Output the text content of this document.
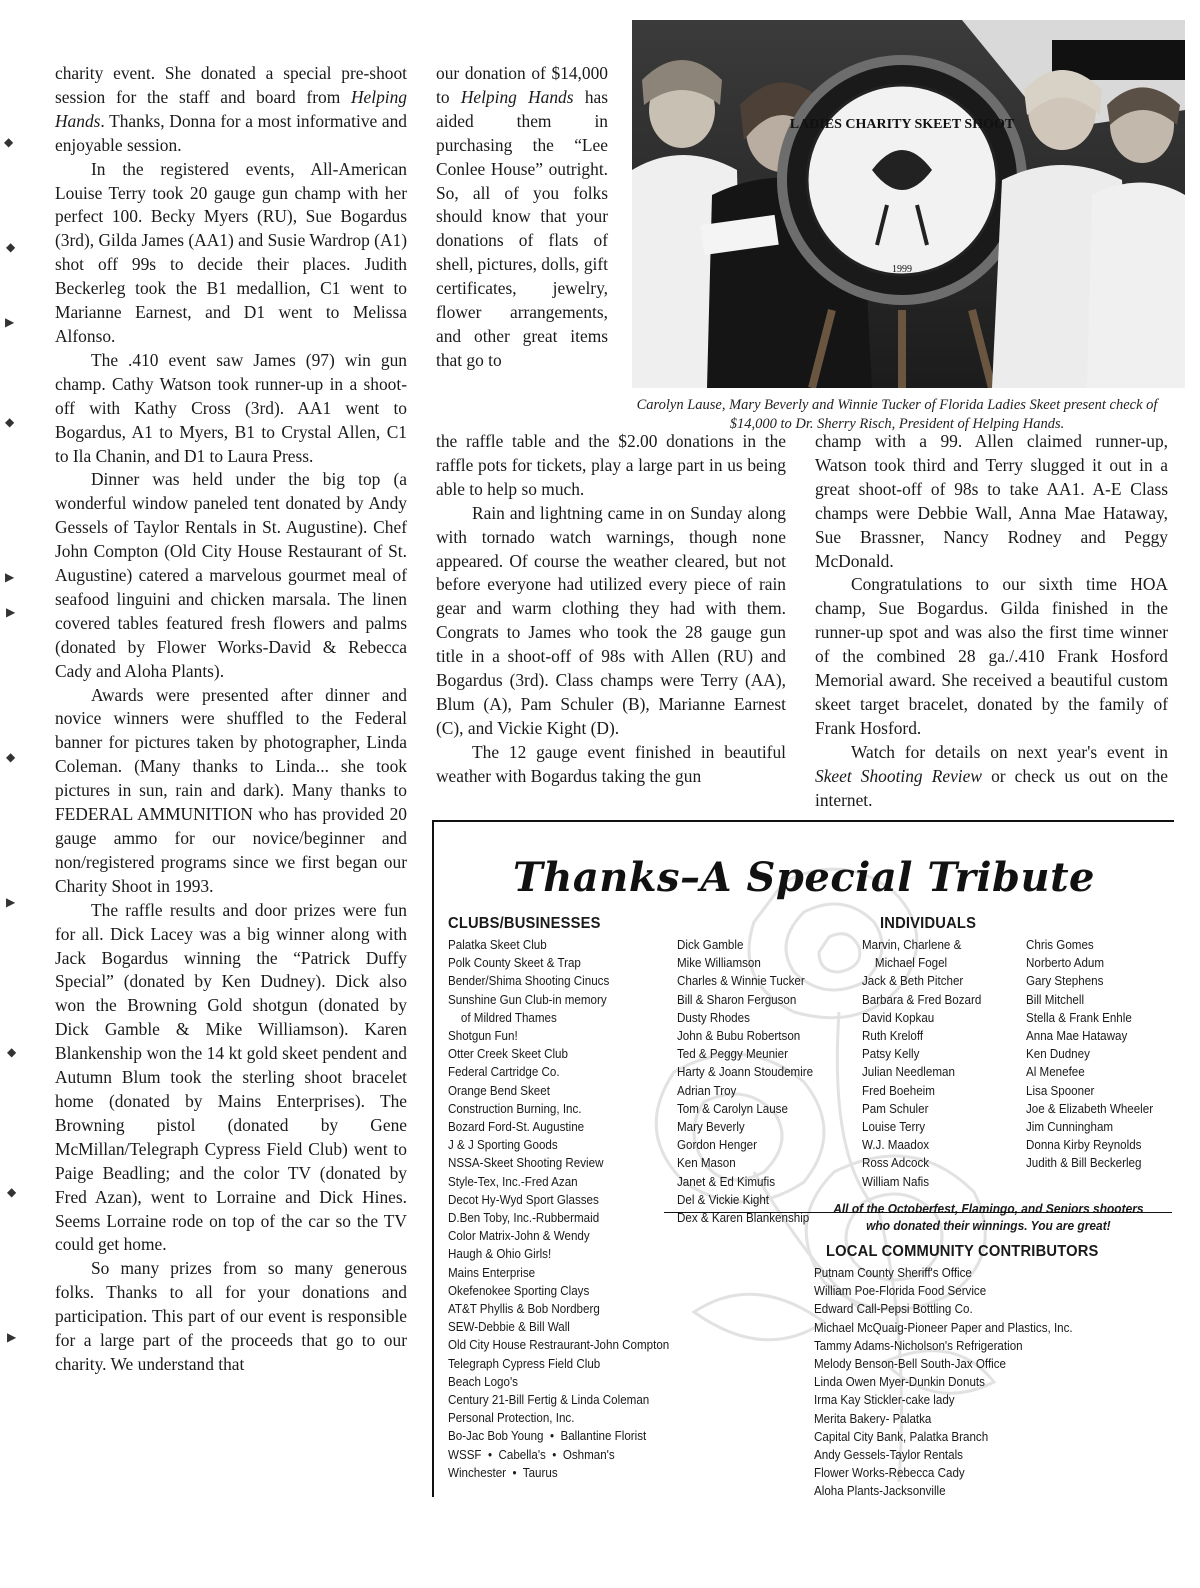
charity event. She donated a special pre-shoot session for the staff and board from Helping Hands. Thanks, Donna for a most informative and enjoyable session.

In the registered events, All-American Louise Terry took 20 gauge gun champ with her perfect 100. Becky Myers (RU), Sue Bogardus (3rd), Gilda James (AA1) and Susie Wardrop (A1) shot off 99s to decide their places. Judith Beckerleg took the B1 medallion, C1 went to Marianne Earnest, and D1 went to Melissa Alfonso.

The .410 event saw James (97) win gun champ. Cathy Watson took runner-up in a shoot-off with Kathy Cross (3rd). AA1 went to Bogardus, A1 to Myers, B1 to Crystal Allen, C1 to Ila Chanin, and D1 to Laura Press.

Dinner was held under the big top (a wonderful window paneled tent donated by Andy Gessels of Taylor Rentals in St. Augustine). Chef John Compton (Old City House Restaurant of St. Augustine) catered a marvelous gourmet meal of seafood linguini and chicken marsala. The linen covered tables featured fresh flowers and palms (donated by Flower Works-David & Rebecca Cady and Aloha Plants).

Awards were presented after dinner and novice winners were shuffled to the Federal banner for pictures taken by photographer, Linda Coleman. (Many thanks to Linda... she took pictures in sun, rain and dark). Many thanks to FEDERAL AMMUNITION who has provided 20 gauge ammo for our novice/beginner and non/registered programs since we first began our Charity Shoot in 1993.

The raffle results and door prizes were fun for all. Dick Lacey was a big winner along with Jack Bogardus winning the “Patrick Duffy Special” (donated by Ken Dudney). Dick also won the Browning Gold shotgun (donated by Dick Gamble & Mike Williamson). Karen Blankenship won the 14 kt gold skeet pendent and Autumn Blum took the sterling shoot bracelet home (donated by Mains Enterprises). The Browning pistol (donated by Gene McMillan/Telegraph Cypress Field Club) went to Paige Beadling; and the color TV (donated by Fred Azan), went to Lorraine and Dick Hines. Seems Lorraine rode on top of the car so the TV could get home.

So many prizes from so many generous folks. Thanks to all for your donations and participation. This part of our event is responsible for a large part of the proceeds that go to our charity. We understand that

our donation of $14,000 to Helping Hands has aided them in purchasing the “Lee Conlee House” outright. So, all of you folks should know that your donations of flats of shell, pictures, dolls, gift certificates, jewelry, flower arrangements, and other great items that go to

LADIES CHARITY SKEET SHOOT
1999
Carolyn Lause, Mary Beverly and Winnie Tucker of Florida Ladies Skeet present check of $14,000 to Dr. Sherry Risch, President of Helping Hands.

the raffle table and the $2.00 donations in the raffle pots for tickets, play a large part in us being able to help so much.

Rain and lightning came in on Sunday along with tornado watch warnings, though none appeared. Of course the weather cleared, but not before everyone had utilized every piece of rain gear and warm clothing they had with them. Congrats to James who took the 28 gauge gun title in a shoot-off of 98s with Allen (RU) and Bogardus (3rd). Class champs were Terry (AA), Blum (A), Pam Schuler (B), Marianne Earnest (C), and Vickie Kight (D).

The 12 gauge event finished in beautiful weather with Bogardus taking the gun

champ with a 99. Allen claimed runner-up, Watson took third and Terry slugged it out in a great shoot-off of 98s to take AA1. A-E Class champs were Debbie Wall, Anna Mae Hataway, Sue Brassner, Nancy Rodney and Peggy McDonald.

Congratulations to our sixth time HOA champ, Sue Bogardus. Gilda finished in the runner-up spot and was also the first time winner of the combined 28 ga./.410 Frank Hosford Memorial award. She received a beautiful custom skeet target bracelet, donated by the family of Frank Hosford.

Watch for details on next year's event in Skeet Shooting Review or check us out on the internet.

Thanks–A Special Tribute
CLUBS/BUSINESSES
Palatka Skeet Club
Polk County Skeet & Trap
Bender/Shima Shooting Cinucs
Sunshine Gun Club-in memory
of Mildred Thames
Shotgun Fun!
Otter Creek Skeet Club
Federal Cartridge Co.
Orange Bend Skeet
Construction Burning, Inc.
Bozard Ford-St. Augustine
J & J Sporting Goods
NSSA-Skeet Shooting Review
Style-Tex, Inc.-Fred Azan
Decot Hy-Wyd Sport Glasses
D.Ben Toby, Inc.-Rubbermaid
Color Matrix-John & Wendy
Haugh & Ohio Girls!
Mains Enterprise
Okefenokee Sporting Clays
AT&T Phyllis & Bob Nordberg
SEW-Debbie & Bill Wall
Old City House Restraurant-John Compton
Telegraph Cypress Field Club
Beach Logo's
Century 21-Bill Fertig & Linda Coleman
Personal Protection, Inc.
Bo-Jac Bob Young  •  Ballantine Florist
WSSF  •  Cabella's  •  Oshman's
Winchester  •  Taurus
INDIVIDUALS
Dick Gamble
Mike Williamson
Charles & Winnie Tucker
Bill & Sharon Ferguson
Dusty Rhodes
John & Bubu Robertson
Ted & Peggy Meunier
Harty & Joann Stoudemire
Adrian Troy
Tom & Carolyn Lause
Mary Beverly
Gordon Henger
Ken Mason
Janet & Ed Kimufis
Del & Vickie Kight
Dex & Karen Blankenship
Marvin, Charlene &
Michael Fogel
Jack & Beth Pitcher
Barbara & Fred Bozard
David Kopkau
Ruth Kreloff
Patsy Kelly
Julian Needleman
Fred Boeheim
Pam Schuler
Louise Terry
W.J. Maadox
Ross Adcock
William Nafis
Chris Gomes
Norberto Adum
Gary Stephens
Bill Mitchell
Stella & Frank Enhle
Anna Mae Hataway
Ken Dudney
Al Menefee
Lisa Spooner
Joe & Elizabeth Wheeler
Jim Cunningham
Donna Kirby Reynolds
Judith & Bill Beckerleg
All of the Octoberfest, Flamingo, and Seniors shooters who donated their winnings. You are great!
LOCAL COMMUNITY CONTRIBUTORS
Putnam County Sheriff's Office
William Poe-Florida Food Service
Edward Call-Pepsi Bottling Co.
Michael McQuaig-Pioneer Paper and Plastics, Inc.
Tammy Adams-Nicholson's Refrigeration
Melody Benson-Bell South-Jax Office
Linda Owen Myer-Dunkin Donuts
Irma Kay Stickler-cake lady
Merita Bakery- Palatka
Capital City Bank, Palatka Branch
Andy Gessels-Taylor Rentals
Flower Works-Rebecca Cady
Aloha Plants-Jacksonville
◆
◆
▶
◆
▶
▶
◆
▶
◆
◆
▶
